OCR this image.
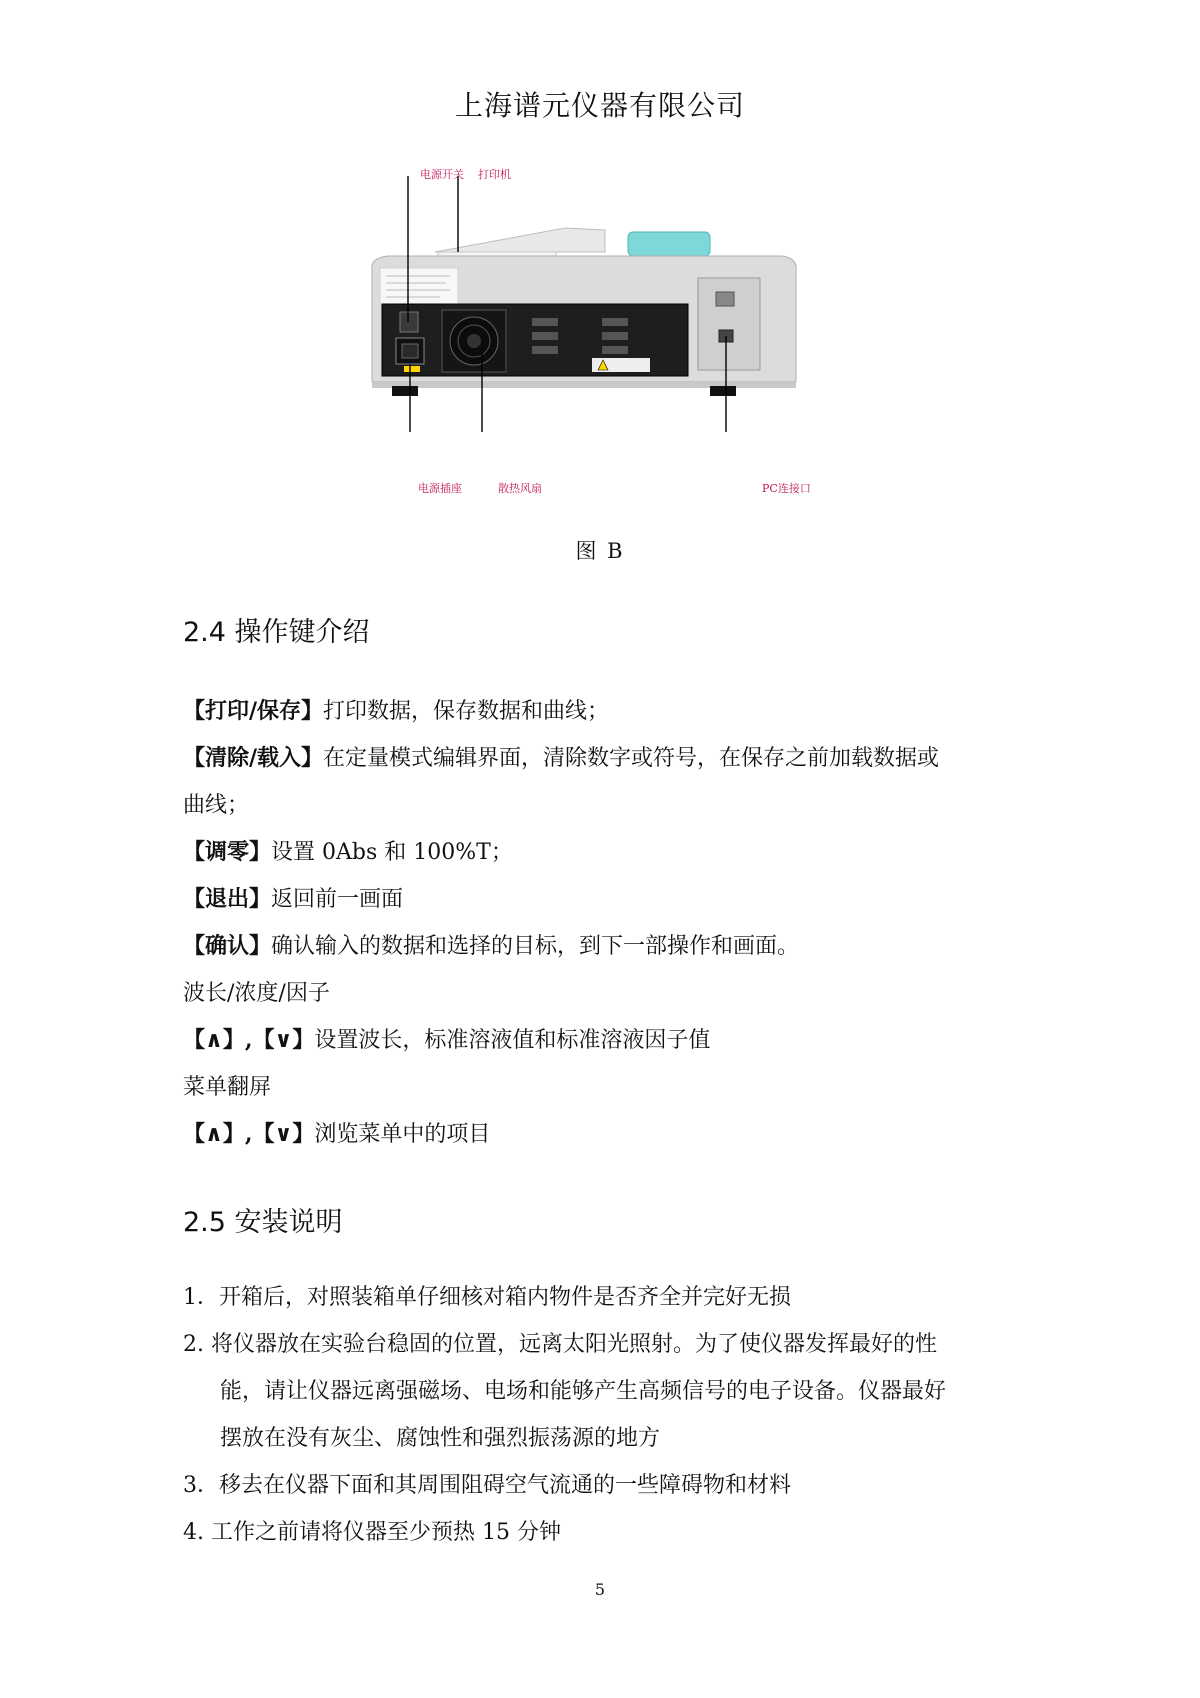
上海谱元仪器有限公司
电源开关 打印机
电源插座	散热风扇	PC连接口
图 B
2.4 操作键介绍
【打印/保存】打印数据，保存数据和曲线；
【清除/载入】在定量模式编辑界面，清除数字或符号，在保存之前加载数据或
曲线；
【调零】设置 0Abs 和 100%T；
【退出】返回前一画面
【确认】确认输入的数据和选择的目标，到下一部操作和画面。
波长/浓度/因子
【∧】,【∨】设置波长，标准溶液值和标准溶液因子值
菜单翻屏
【∧】,【∨】浏览菜单中的项目
2.5 安装说明
1．开箱后，对照装箱单仔细核对箱内物件是否齐全并完好无损
2. 将仪器放在实验台稳固的位置，远离太阳光照射。为了使仪器发挥最好的性
能，请让仪器远离强磁场、电场和能够产生高频信号的电子设备。仪器最好
摆放在没有灰尘、腐蚀性和强烈振荡源的地方
3．移去在仪器下面和其周围阻碍空气流通的一些障碍物和材料
4. 工作之前请将仪器至少预热 15 分钟
5
